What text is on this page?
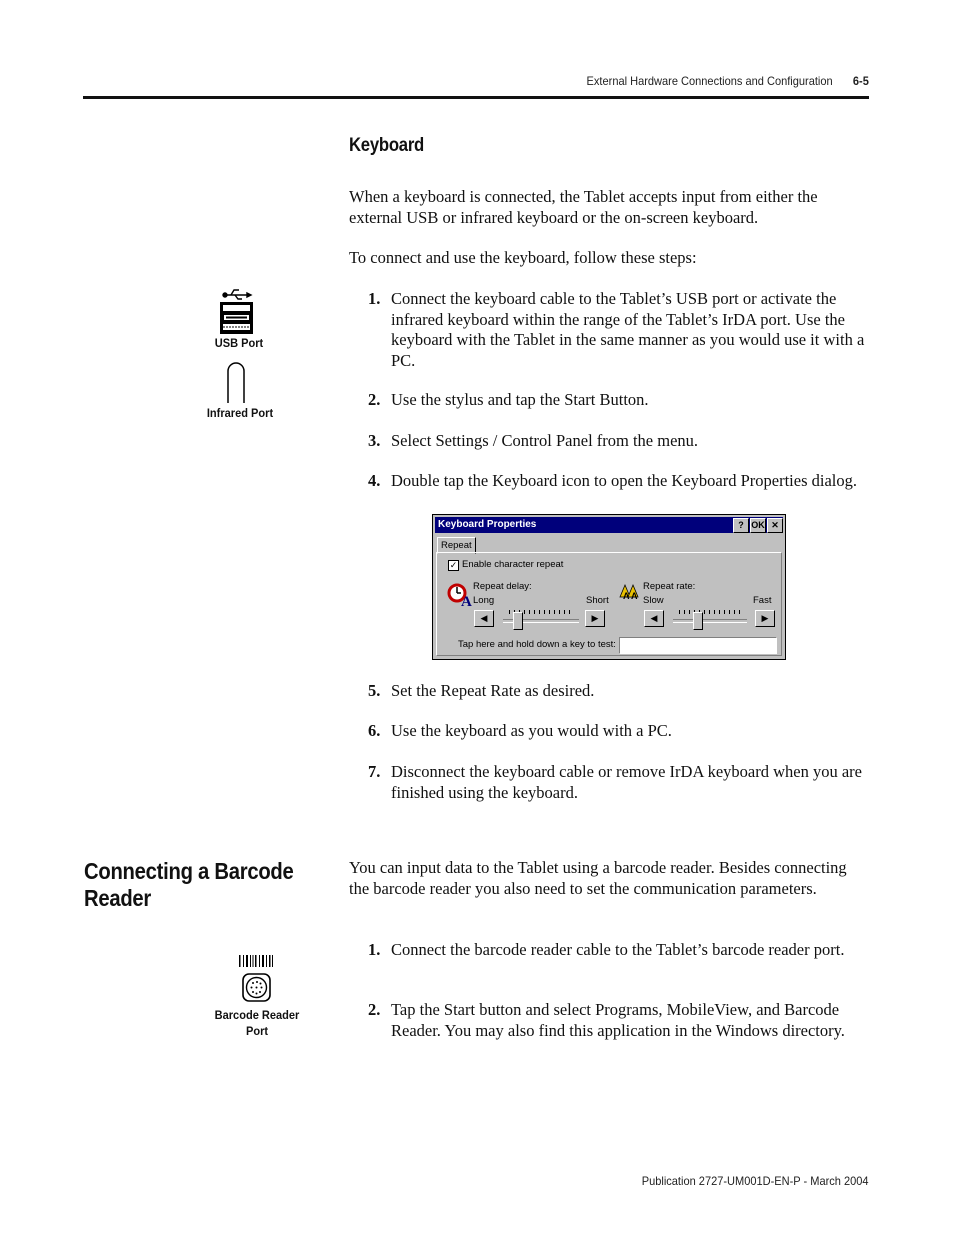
External Hardware Connections and Configuration 6-5
Keyboard
When a keyboard is connected, the Tablet accepts input from either the external USB or infrared keyboard or the on-screen keyboard.
To connect and use the keyboard, follow these steps:
1. Connect the keyboard cable to the Tablet’s USB port or activate the infrared keyboard within the range of the Tablet’s IrDA port. Use the keyboard with the Tablet in the same manner as you would use it with a PC.
2. Use the stylus and tap the Start Button.
3. Select Settings / Control Panel from the menu.
4. Double tap the Keyboard icon to open the Keyboard Properties dialog.
USB Port
Infrared Port
Keyboard Properties	? OK ✕
Repeat
✓ Enable character repeat
A
Repeat delay:
Long	Short
◀	▶
A A
Repeat rate:
Slow	Fast
◀	▶
Tap here and hold down a key to test:
5. Set the Repeat Rate as desired.
6. Use the keyboard as you would with a PC.
7. Disconnect the keyboard cable or remove IrDA keyboard when you are finished using the keyboard.
Connecting a Barcode Reader
You can input data to the Tablet using a barcode reader. Besides connecting the barcode reader you also need to set the communication parameters.
Barcode Reader Port
1. Connect the barcode reader cable to the Tablet’s barcode reader port.
2. Tap the Start button and select Programs, MobileView, and Barcode Reader. You may also find this application in the Windows directory.
Publication 2727-UM001D-EN-P - March 2004
